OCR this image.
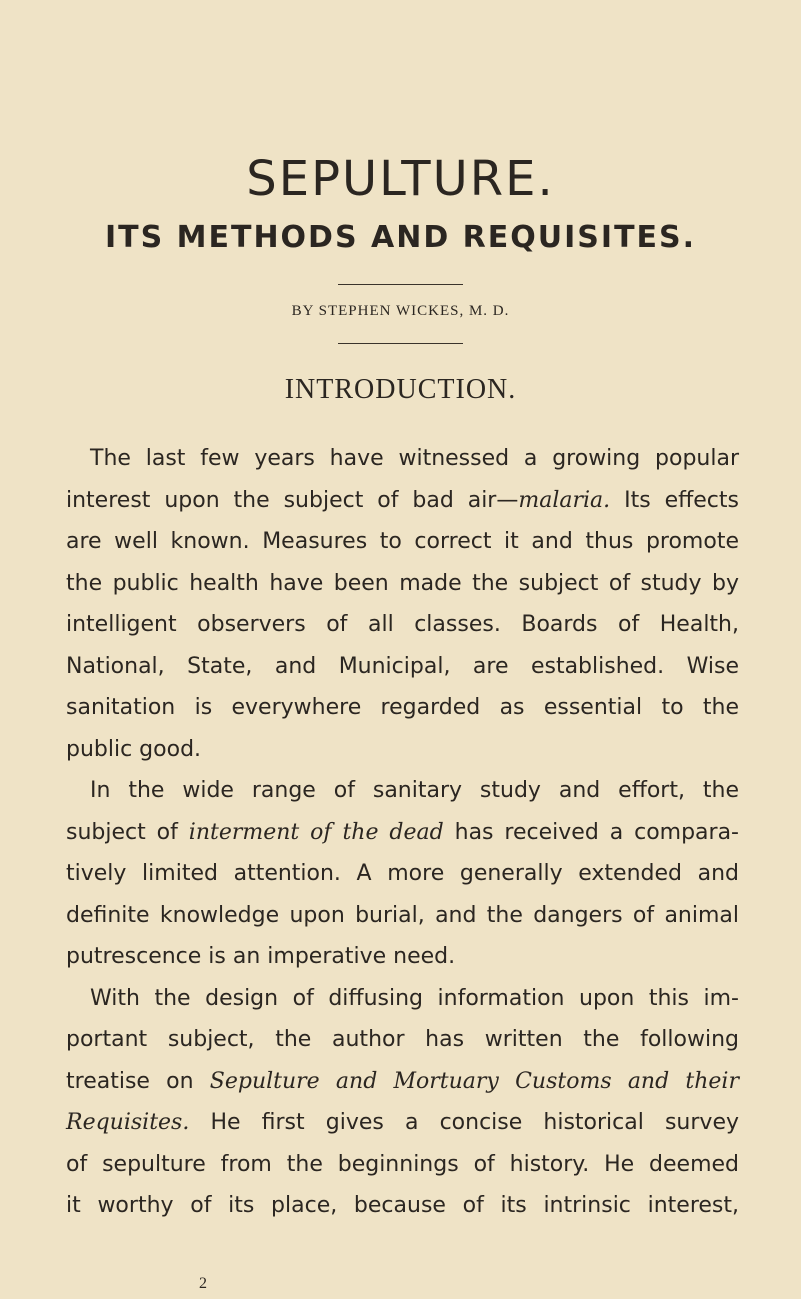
SEPULTURE.
ITS METHODS AND REQUISITES.
BY STEPHEN WICKES, M. D.
INTRODUCTION.
The last few years have witnessed a growing popular
interest upon the subject of bad air—malaria. Its effects
are well known. Measures to correct it and thus promote
the public health have been made the subject of study by
intelligent observers of all classes. Boards of Health,
National, State, and Municipal, are established. Wise
sanitation is everywhere regarded as essential to the
public good.
In the wide range of sanitary study and effort, the
subject of interment of the dead has received a compara-
tively limited attention. A more generally extended and
definite knowledge upon burial, and the dangers of animal
putrescence is an imperative need.
With the design of diffusing information upon this im-
portant subject, the author has written the following
treatise on Sepulture and Mortuary Customs and their
Requisites. He first gives a concise historical survey
of sepulture from the beginnings of history. He deemed
it worthy of its place, because of its intrinsic interest,
2
